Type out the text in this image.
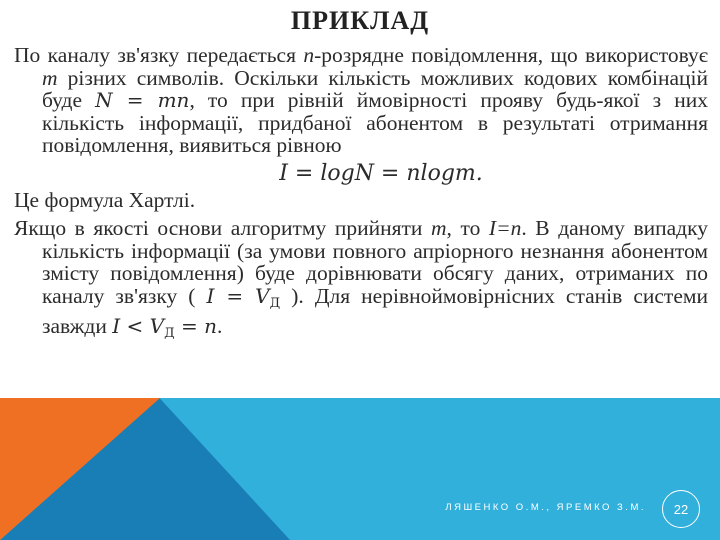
ПРИКЛАД

По каналу зв'язку передається n-розрядне повідомлення, що використовує m різних символів. Оскільки кількість можливих кодових комбінацій буде N = mn, то при рівній ймовірності прояву будь-якої з них кількість інформації, придбаної абонентом в результаті отримання повідомлення, виявиться рівною

I = logN = nlogm.

Це формула Хартлі.

Якщо в якості основи алгоритму прийняти m, то I=n. В даному випадку кількість інформації (за умови повного апріорного незнання абонентом змісту повідомлення) буде дорівнювати обсягу даних, отриманих по каналу зв'язку ( $I = V_Д$ ). Для нерівноймовірнісних станів системи завжди $I < V_Д = n$.

ЛЯШЕНКО О.М., ЯРЕМКО З.М.	22
